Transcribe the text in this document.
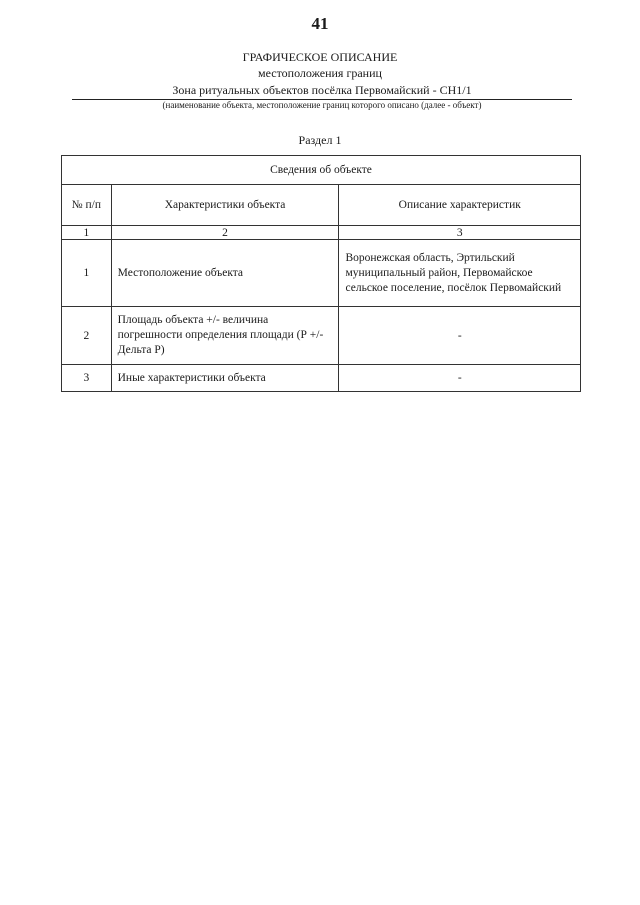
41
ГРАФИЧЕСКОЕ ОПИСАНИЕ
местоположения границ
Зона ритуальных объектов посёлка Первомайский - СН1/1
(наименование объекта, местоположение границ которого описано (далее - объект)
Раздел 1
Сведения об объекте		
№ п/п	Характеристики объекта	Описание характеристик
1	2	3
1	Местоположение объекта	Воронежская область, Эртильский муниципальный район, Первомайское сельское поселение, посёлок Первомайский
2	Площадь объекта +/- величина погрешности определения площади (Р +/- Дельта Р)	-
3	Иные характеристики объекта	-
